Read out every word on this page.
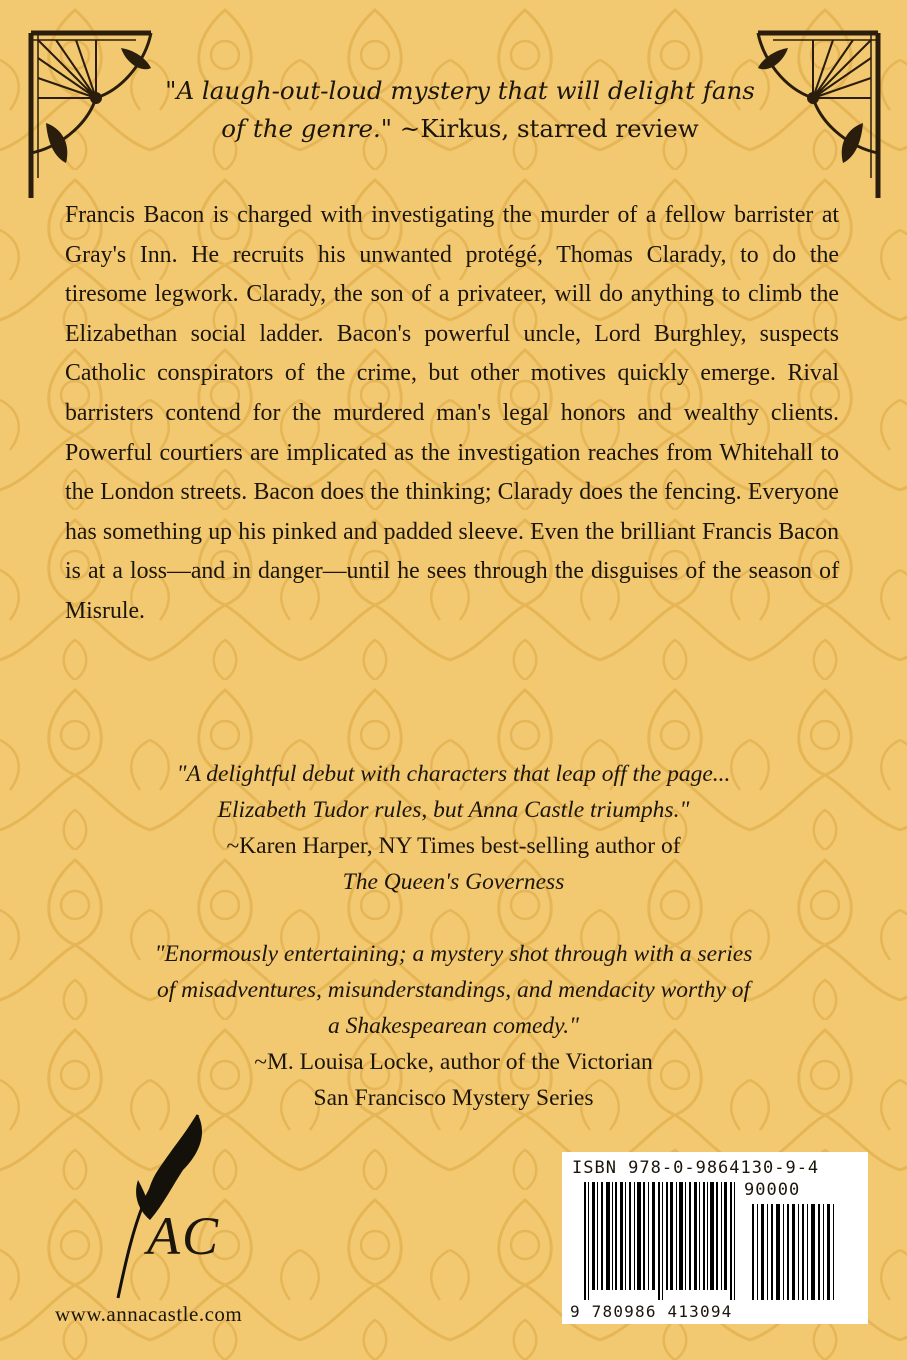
"A laugh-out-loud mystery that will delight fans
of the genre." ~Kirkus, starred review

Francis Bacon is charged with investigating the murder of a fellow barrister at Gray's Inn. He recruits his unwanted protégé, Thomas Clarady, to do the tiresome legwork. Clarady, the son of a privateer, will do anything to climb the Elizabethan social ladder. Bacon's powerful uncle, Lord Burghley, suspects Catholic conspirators of the crime, but other motives quickly emerge. Rival barristers contend for the murdered man's legal honors and wealthy clients. Powerful courtiers are implicated as the investigation reaches from Whitehall to the London streets. Bacon does the thinking; Clarady does the fencing. Everyone has something up his pinked and padded sleeve. Even the brilliant Francis Bacon is at a loss—and in danger—until he sees through the disguises of the season of Misrule.

"A delightful debut with characters that leap off the page...
Elizabeth Tudor rules, but Anna Castle triumphs."
~Karen Harper, NY Times best-selling author of
The Queen's Governess
"Enormously entertaining; a mystery shot through with a series
of misadventures, misunderstandings, and mendacity worthy of
a Shakespearean comedy."
~M. Louisa Locke, author of the Victorian
San Francisco Mystery Series
AC
www.annacastle.com
ISBN 978-0-9864130-9-4
90000
9 780986 413094
